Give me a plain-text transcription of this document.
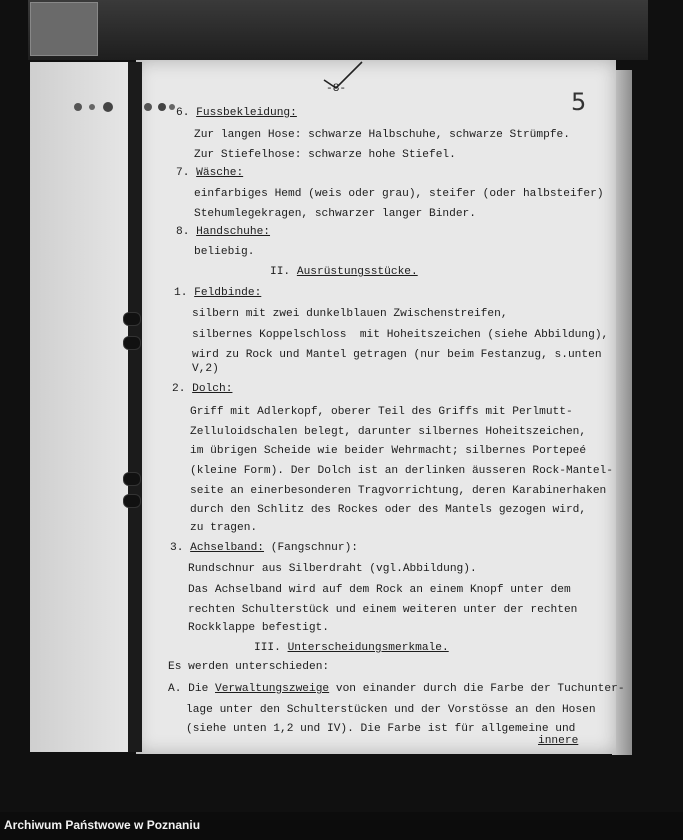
-8-	5
6. Fussbekleidung:
Zur langen Hose: schwarze Halbschuhe, schwarze Strümpfe.
Zur Stiefelhose: schwarze hohe Stiefel.
7. Wäsche:
einfarbiges Hemd (weis oder grau), steifer (oder halbsteifer)
Stehumlegekragen, schwarzer langer Binder.
8. Handschuhe:
beliebig.
II. Ausrüstungsstücke.
1. Feldbinde:
silbern mit zwei dunkelblauen Zwischenstreifen,
silbernes Koppelschloss  mit Hoheitszeichen (siehe Abbildung),
wird zu Rock und Mantel getragen (nur beim Festanzug, s.unten
V,2)
2. Dolch:
Griff mit Adlerkopf, oberer Teil des Griffs mit Perlmutt-
Zelluloidschalen belegt, darunter silbernes Hoheitszeichen,
im übrigen Scheide wie beider Wehrmacht; silbernes Portepeé
(kleine Form). Der Dolch ist an derlinken äusseren Rock-Mantel-
seite an einerbesonderen Tragvorrichtung, deren Karabinerhaken
durch den Schlitz des Rockes oder des Mantels gezogen wird,
zu tragen.
3. Achselband: (Fangschnur):
Rundschnur aus Silberdraht (vgl.Abbildung).
Das Achselband wird auf dem Rock an einem Knopf unter dem
rechten Schulterstück und einem weiteren unter der rechten
Rockklappe befestigt.
III. Unterscheidungsmerkmale.
Es werden unterschieden:
A. Die Verwaltungszweige von einander durch die Farbe der Tuchunter-
lage unter den Schulterstücken und der Vorstösse an den Hosen
(siehe unten 1,2 und IV). Die Farbe ist für allgemeine und
innere
Archiwum Państwowe w Poznaniu
